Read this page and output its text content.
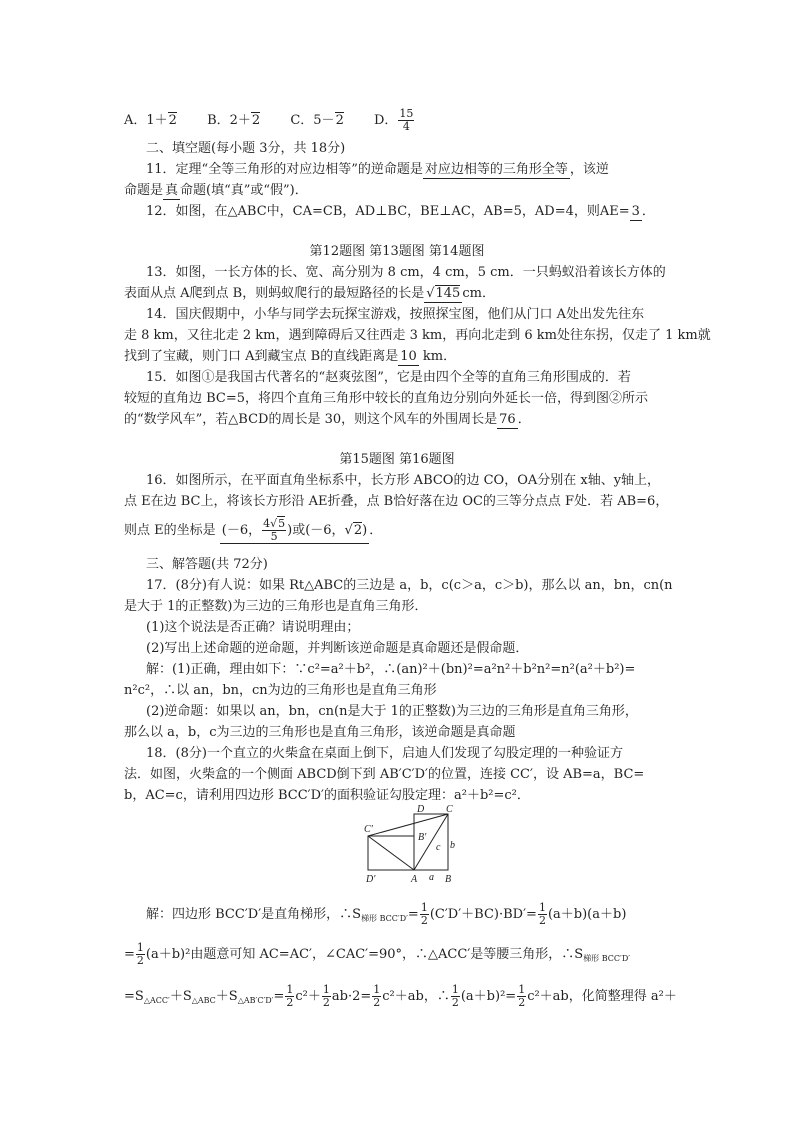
A．1＋2 B．2＋2 C．5－2 D． $\frac{15}{4}$
二、填空题(每小题 3分，共 18分)
11．定理“全等三角形的对应边相等”的逆命题是对应边相等的三角形全等，该逆
命题是真命题(填“真”或“假”)．
12．如图，在△ABC中，CA=CB，AD⊥BC，BE⊥AC，AB=5，AD=4，则AE=3．
第12题图 第13题图 第14题图
13．如图，一长方体的长、宽、高分别为 8 cm，4 cm，5 cm．一只蚂蚁沿着该长方体的
表面从点 A爬到点 B，则蚂蚁爬行的最短路径的长是 √145 cm．
14．国庆假期中，小华与同学去玩探宝游戏，按照探宝图，他们从门口 A处出发先往东
走 8 km，又往北走 2 km，遇到障碍后又往西走 3 km，再向北走到 6 km处往东拐，仅走了 1 km就
找到了宝藏，则门口 A到藏宝点 B的直线距离是10 km．
15．如图①是我国古代著名的“赵爽弦图”，它是由四个全等的直角三角形围成的．若
较短的直角边 BC=5，将四个直角三角形中较长的直角边分别向外延长一倍，得到图②所示
的“数学风车”，若△BCD的周长是 30，则这个风车的外围周长是76．
第15题图 第16题图
16．如图所示，在平面直角坐标系中，长方形 ABCO的边 CO，OA分别在 x轴、y轴上，
点 E在边 BC上，将该长方形沿 AE折叠，点 B恰好落在边 OC的三等分点点 F处．若 AB=6，
则点 E的坐标是 (－6， $\frac{4√5}{5}$ )或(－6，√2) ．
三、解答题(共 72分)
17．(8分)有人说：如果 Rt△ABC的三边是 a，b，c(c＞a，c＞b)，那么以 an，bn，cn(n
是大于 1的正整数)为三边的三角形也是直角三角形．
(1)这个说法是否正确？请说明理由；
(2)写出上述命题的逆命题，并判断该逆命题是真命题还是假命题．
解：(1)正确，理由如下：∵c²=a²＋b²，∴(an)²＋(bn)²=a²n²＋b²n²=n²(a²＋b²)=
n²c²，∴以 an，bn，cn为边的三角形也是直角三角形
(2)逆命题：如果以 an，bn，cn(n是大于 1的正整数)为三边的三角形是直角三角形，
那么以 a，b，c为三边的三角形也是直角三角形，该逆命题是真命题
18．(8分)一个直立的火柴盒在桌面上倒下，启迪人们发现了勾股定理的一种验证方
法．如图，火柴盒的一个侧面 ABCD倒下到 AB′C′D′的位置，连接 CC′，设 AB=a，BC=
b，AC=c，请利用四边形 BCC′D′的面积验证勾股定理：a²＋b²=c²．
D C
C′
B′
c b
D′	A a B
解：四边形 BCC′D′是直角梯形，$\therefore S_{梯形 BCC'D'}= \frac{1}{2} (C'D'+BC)\cdot BD'= \frac{1}{2} (a+b)(a+b)$
= $\frac{1}{2} (a+b)^2$由题意可知 AC=AC′，∠CAC′=90°，∴△ACC′是等腰三角形，$\therefore S_{梯形 BCC'D'}$
$=S_{\triangle ACC'}+S_{\triangle ABC}+S_{\triangle AB'C'D'}= \frac{1}{2} c^2+ \frac{1}{2} ab\cdot 2= \frac{1}{2} c^2+ab$，∴ $\frac{1}{2} (a+b)^2= \frac{1}{2} c^2+ab$，化简整理得 a²＋
